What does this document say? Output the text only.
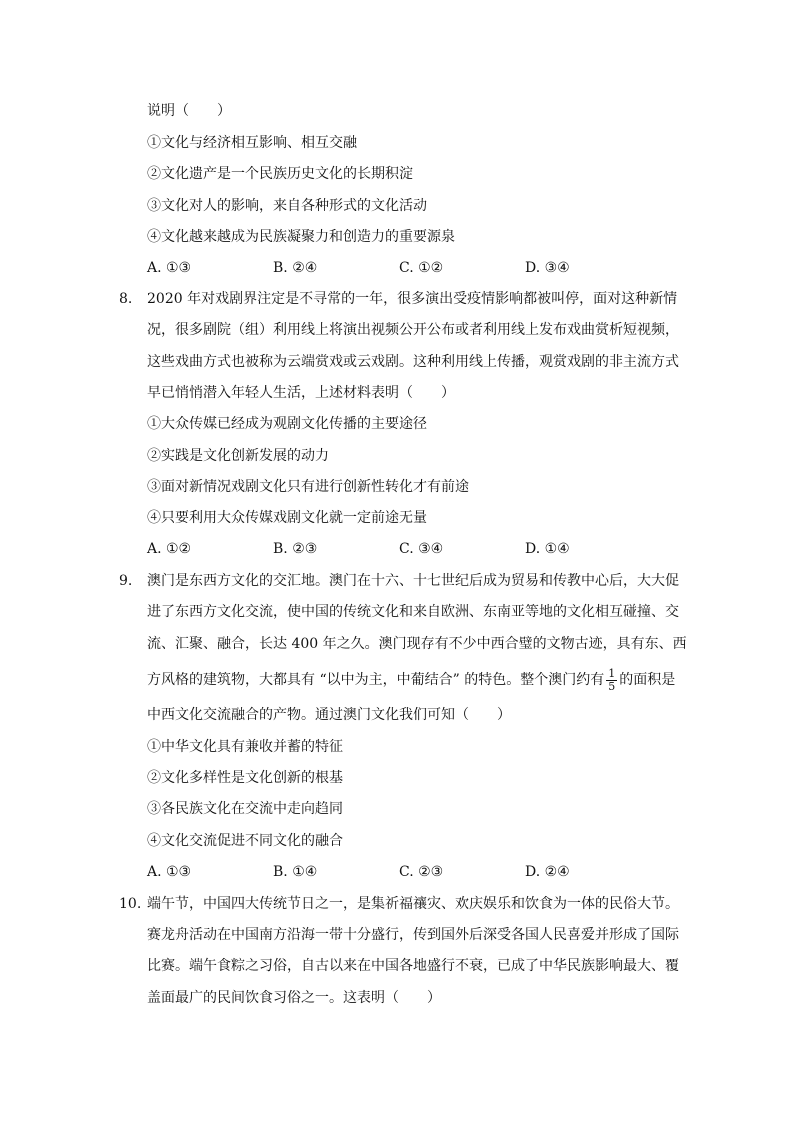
说明（　　）
①文化与经济相互影响、相互交融
②文化遗产是一个民族历史文化的长期积淀
③文化对人的影响，来自各种形式的文化活动
④文化越来越成为民族凝聚力和创造力的重要源泉
A. ①③	B. ②④	C. ①②	D. ③④
8. 2020 年对戏剧界注定是不寻常的一年，很多演出受疫情影响都被叫停，面对这种新情
况，很多剧院（组）利用线上将演出视频公开公布或者利用线上发布戏曲赏析短视频，
这些戏曲方式也被称为云端赏戏或云戏剧。这种利用线上传播，观赏戏剧的非主流方式
早已悄悄潜入年轻人生活，上述材料表明（　　）
①大众传媒已经成为观剧文化传播的主要途径
②实践是文化创新发展的动力
③面对新情况戏剧文化只有进行创新性转化才有前途
④只要利用大众传媒戏剧文化就一定前途无量
A. ①②	B. ②③	C. ③④	D. ①④
9. 澳门是东西方文化的交汇地。澳门在十六、十七世纪后成为贸易和传教中心后，大大促
进了东西方文化交流，使中国的传统文化和来自欧洲、东南亚等地的文化相互碰撞、交
流、汇聚、融合，长达 400 年之久。澳门现存有不少中西合璧的文物古迹，具有东、西
方风格的建筑物，大都具有 “以中为主，中葡结合” 的特色。整个澳门约有 $\frac{1}{5}$ 的面积是
中西文化交流融合的产物。通过澳门文化我们可知（　　）
①中华文化具有兼收并蓄的特征
②文化多样性是文化创新的根基
③各民族文化在交流中走向趋同
④文化交流促进不同文化的融合
A. ①③	B. ①④	C. ②③	D. ②④
10. 端午节，中国四大传统节日之一，是集祈福禳灾、欢庆娱乐和饮食为一体的民俗大节。
赛龙舟活动在中国南方沿海一带十分盛行，传到国外后深受各国人民喜爱并形成了国际
比赛。端午食粽之习俗，自古以来在中国各地盛行不衰，已成了中华民族影响最大、覆
盖面最广的民间饮食习俗之一。这表明（　　）
